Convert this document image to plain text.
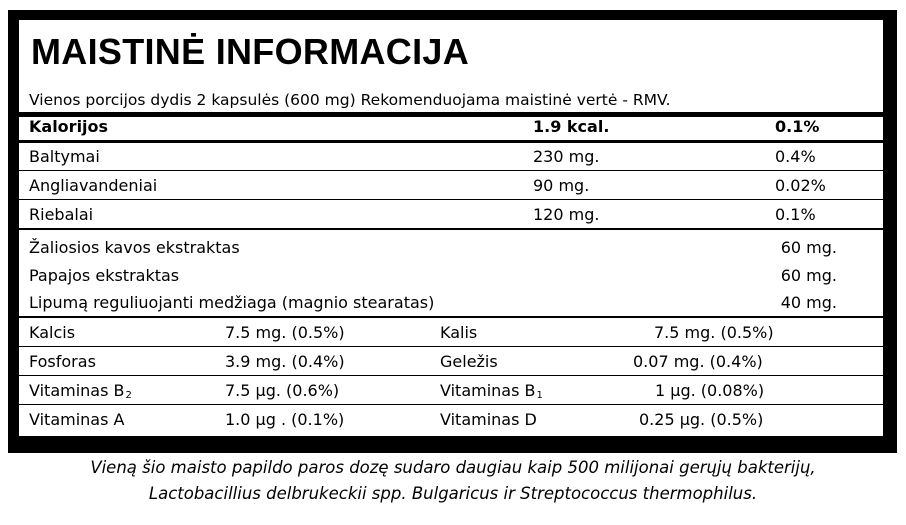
MAISTINĖ INFORMACIJA
Vienos porcijos dydis 2 kapsulės (600 mg) Rekomenduojama maistinė vertė - RMV.
Kalorijos	1.9 kcal.	0.1%
Baltymai	230 mg.	0.4%
Angliavandeniai	90 mg.	0.02%
Riebalai	120 mg.	0.1%
Žaliosios kavos ekstraktas	60 mg.
Papajos ekstraktas	60 mg.
Lipumą reguliuojanti medžiaga (magnio stearatas)	40 mg.
Kalcis	7.5 mg. (0.5%)	Kalis	7.5 mg. (0.5%)
Fosforas	3.9 mg. (0.4%)	Geležis	0.07 mg. (0.4%)
Vitaminas $B_2$	7.5 µg. (0.6%)	Vitaminas $B_1$	1 µg. (0.08%)
Vitaminas A	1.0 µg . (0.1%)	Vitaminas D	0.25 µg. (0.5%)
Vieną šio maisto papildo paros dozę sudaro daugiau kaip 500 milijonai gerųjų bakterijų,
Lactobacillius delbrukeckii spp. Bulgaricus ir Streptococcus thermophilus.
